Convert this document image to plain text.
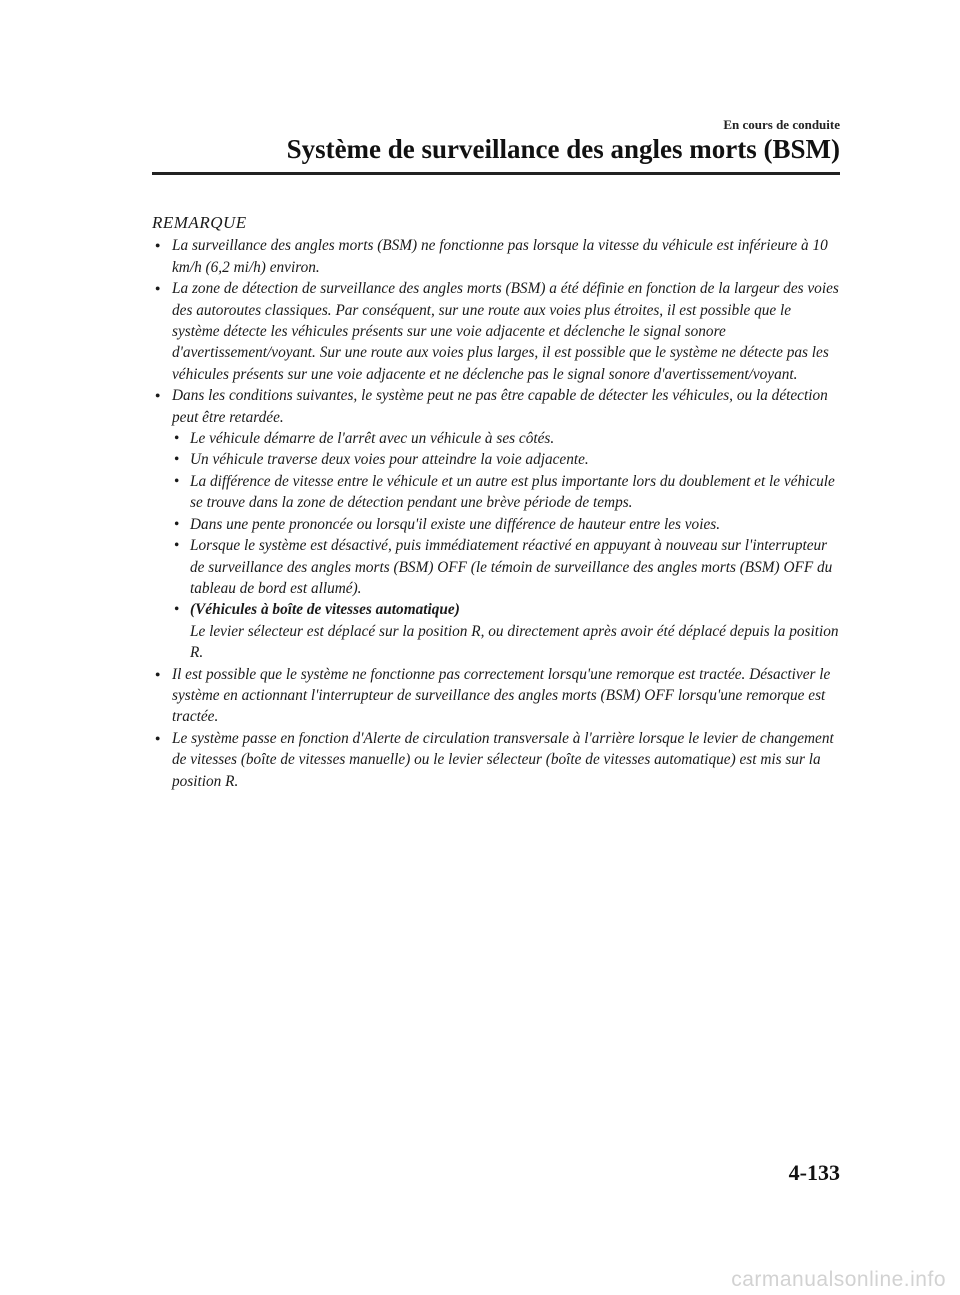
En cours de conduite
Système de surveillance des angles morts (BSM)
REMARQUE
● La surveillance des angles morts (BSM) ne fonctionne pas lorsque la vitesse du véhicule est inférieure à 10 km/h (6,2 mi/h) environ.
● La zone de détection de surveillance des angles morts (BSM) a été définie en fonction de la largeur des voies des autoroutes classiques. Par conséquent, sur une route aux voies plus étroites, il est possible que le système détecte les véhicules présents sur une voie adjacente et déclenche le signal sonore d'avertissement/voyant. Sur une route aux voies plus larges, il est possible que le système ne détecte pas les véhicules présents sur une voie adjacente et ne déclenche pas le signal sonore d'avertissement/voyant.
● Dans les conditions suivantes, le système peut ne pas être capable de détecter les véhicules, ou la détection peut être retardée.
• Le véhicule démarre de l'arrêt avec un véhicule à ses côtés.
• Un véhicule traverse deux voies pour atteindre la voie adjacente.
• La différence de vitesse entre le véhicule et un autre est plus importante lors du doublement et le véhicule se trouve dans la zone de détection pendant une brève période de temps.
• Dans une pente prononcée ou lorsqu'il existe une différence de hauteur entre les voies.
• Lorsque le système est désactivé, puis immédiatement réactivé en appuyant à nouveau sur l'interrupteur de surveillance des angles morts (BSM) OFF (le témoin de surveillance des angles morts (BSM) OFF du tableau de bord est allumé).
• (Véhicules à boîte de vitesses automatique)
Le levier sélecteur est déplacé sur la position R, ou directement après avoir été déplacé depuis la position R.
● Il est possible que le système ne fonctionne pas correctement lorsqu'une remorque est tractée. Désactiver le système en actionnant l'interrupteur de surveillance des angles morts (BSM) OFF lorsqu'une remorque est tractée.
● Le système passe en fonction d'Alerte de circulation transversale à l'arrière lorsque le levier de changement de vitesses (boîte de vitesses manuelle) ou le levier sélecteur (boîte de vitesses automatique) est mis sur la position R.
4-133
carmanualsonline.info
